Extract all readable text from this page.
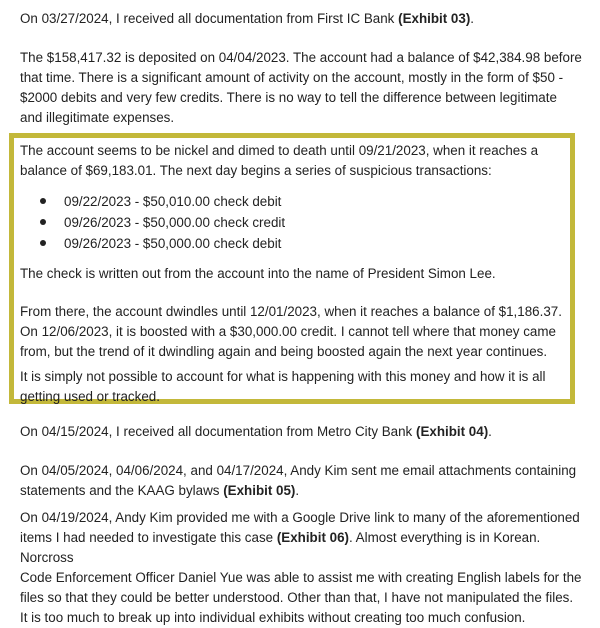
On 03/27/2024, I received all documentation from First IC Bank (Exhibit 03).

The $158,417.32 is deposited on 04/04/2023. The account had a balance of $42,384.98 before
that time. There is a significant amount of activity on the account, mostly in the form of $50 -
$2000 debits and very few credits. There is no way to tell the difference between legitimate
and illegitimate expenses.
The account seems to be nickel and dimed to death until 09/21/2023, when it reaches a
balance of $69,183.01. The next day begins a series of suspicious transactions:
09/22/2023 - $50,010.00 check debit
09/26/2023 - $50,000.00 check credit
09/26/2023 - $50,000.00 check debit

The check is written out from the account into the name of President Simon Lee.

From there, the account dwindles until 12/01/2023, when it reaches a balance of $1,186.37.
On 12/06/2023, it is boosted with a $30,000.00 credit. I cannot tell where that money came
from, but the trend of it dwindling again and being boosted again the next year continues.
It is simply not possible to account for what is happening with this money and how it is all
getting used or tracked.

On 04/15/2024, I received all documentation from Metro City Bank (Exhibit 04).

On 04/05/2024, 04/06/2024, and 04/17/2024, Andy Kim sent me email attachments containing
statements and the KAAG bylaws (Exhibit 05).
On 04/19/2024, Andy Kim provided me with a Google Drive link to many of the aforementioned
items I had needed to investigate this case (Exhibit 06). Almost everything is in Korean. Norcross
Code Enforcement Officer Daniel Yue was able to assist me with creating English labels for the
files so that they could be better understood. Other than that, I have not manipulated the files.
It is too much to break up into individual exhibits without creating too much confusion.
